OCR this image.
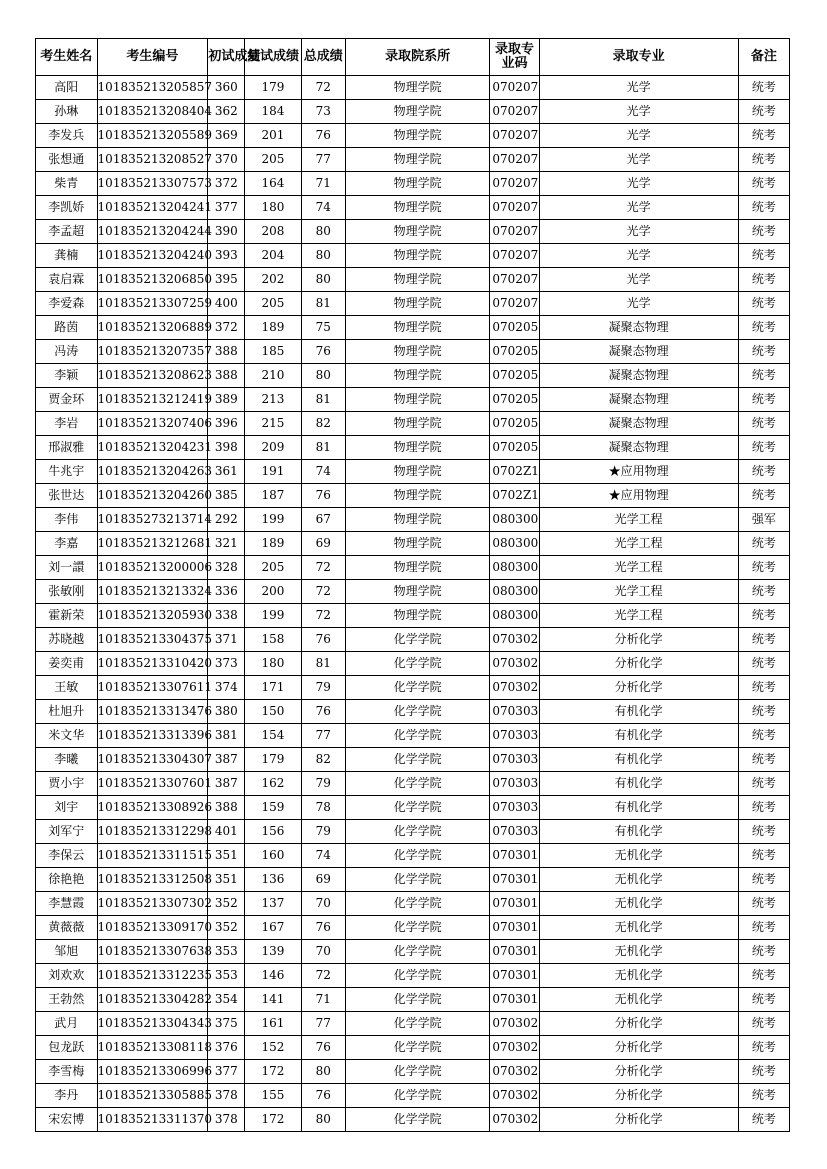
考生姓名	考生编号	初试成绩	复试成绩	总成绩	录取院系所	录取专业码	录取专业	备注
高阳	101835213205857	360	179	72	物理学院	070207	光学	统考
孙琳	101835213208404	362	184	73	物理学院	070207	光学	统考
李发兵	101835213205589	369	201	76	物理学院	070207	光学	统考
张想通	101835213208527	370	205	77	物理学院	070207	光学	统考
柴青	101835213307573	372	164	71	物理学院	070207	光学	统考
李凯娇	101835213204241	377	180	74	物理学院	070207	光学	统考
李孟超	101835213204244	390	208	80	物理学院	070207	光学	统考
龚楠	101835213204240	393	204	80	物理学院	070207	光学	统考
袁启霖	101835213206850	395	202	80	物理学院	070207	光学	统考
李爱森	101835213307259	400	205	81	物理学院	070207	光学	统考
路茵	101835213206889	372	189	75	物理学院	070205	凝聚态物理	统考
冯涛	101835213207357	388	185	76	物理学院	070205	凝聚态物理	统考
李颖	101835213208623	388	210	80	物理学院	070205	凝聚态物理	统考
贾金环	101835213212419	389	213	81	物理学院	070205	凝聚态物理	统考
李岩	101835213207406	396	215	82	物理学院	070205	凝聚态物理	统考
邢淑雅	101835213204231	398	209	81	物理学院	070205	凝聚态物理	统考
牛兆宇	101835213204263	361	191	74	物理学院	0702Z1	★应用物理	统考
张世达	101835213204260	385	187	76	物理学院	0702Z1	★应用物理	统考
李伟	101835273213714	292	199	67	物理学院	080300	光学工程	强军
李嘉	101835213212681	321	189	69	物理学院	080300	光学工程	统考
刘一譞	101835213200006	328	205	72	物理学院	080300	光学工程	统考
张敏刚	101835213213324	336	200	72	物理学院	080300	光学工程	统考
霍新荣	101835213205930	338	199	72	物理学院	080300	光学工程	统考
苏晓越	101835213304375	371	158	76	化学学院	070302	分析化学	统考
姜奕甫	101835213310420	373	180	81	化学学院	070302	分析化学	统考
王敏	101835213307611	374	171	79	化学学院	070302	分析化学	统考
杜旭升	101835213313476	380	150	76	化学学院	070303	有机化学	统考
米文华	101835213313396	381	154	77	化学学院	070303	有机化学	统考
李曦	101835213304307	387	179	82	化学学院	070303	有机化学	统考
贾小宇	101835213307601	387	162	79	化学学院	070303	有机化学	统考
刘宇	101835213308926	388	159	78	化学学院	070303	有机化学	统考
刘军宁	101835213312298	401	156	79	化学学院	070303	有机化学	统考
李保云	101835213311515	351	160	74	化学学院	070301	无机化学	统考
徐艳艳	101835213312508	351	136	69	化学学院	070301	无机化学	统考
李慧霞	101835213307302	352	137	70	化学学院	070301	无机化学	统考
黄薇薇	101835213309170	352	167	76	化学学院	070301	无机化学	统考
邹旭	101835213307638	353	139	70	化学学院	070301	无机化学	统考
刘欢欢	101835213312235	353	146	72	化学学院	070301	无机化学	统考
王勃然	101835213304282	354	141	71	化学学院	070301	无机化学	统考
武月	101835213304343	375	161	77	化学学院	070302	分析化学	统考
包龙跃	101835213308118	376	152	76	化学学院	070302	分析化学	统考
李雪梅	101835213306996	377	172	80	化学学院	070302	分析化学	统考
李丹	101835213305885	378	155	76	化学学院	070302	分析化学	统考
宋宏博	101835213311370	378	172	80	化学学院	070302	分析化学	统考
